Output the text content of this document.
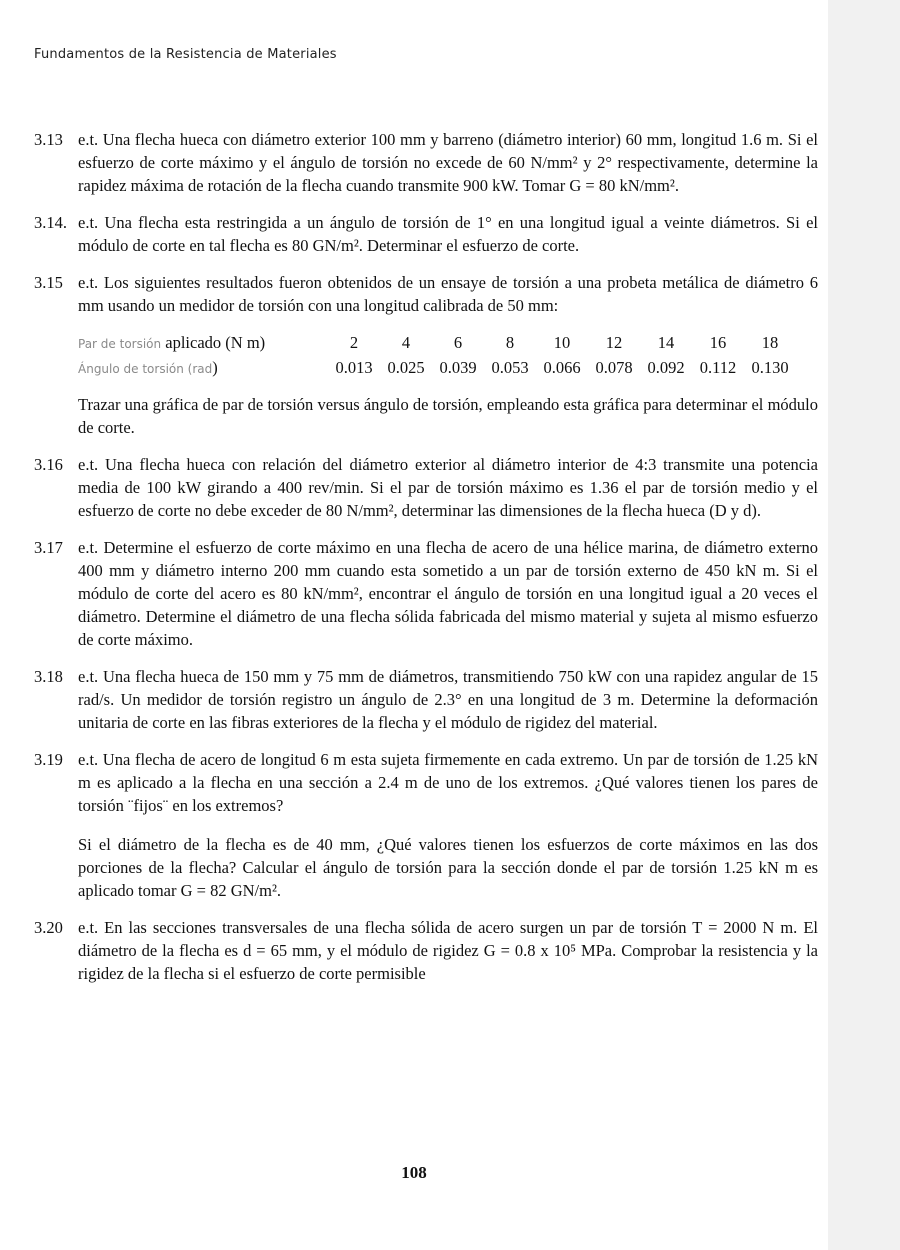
Fundamentos de la Resistencia de Materiales
3.13 e.t. Una flecha hueca con diámetro exterior 100 mm y barreno (diámetro interior) 60 mm, longitud 1.6 m. Si el esfuerzo de corte máximo y el ángulo de torsión no excede de 60 N/mm² y 2° respectivamente, determine la rapidez máxima de rotación de la flecha cuando transmite 900 kW. Tomar G = 80 kN/mm².

3.14. e.t. Una flecha esta restringida a un ángulo de torsión de 1° en una longitud igual a veinte diámetros. Si el módulo de corte en tal flecha es 80 GN/m². Determinar el esfuerzo de corte.

3.15 e.t. Los siguientes resultados fueron obtenidos de un ensaye de torsión a una probeta metálica de diámetro 6 mm usando un medidor de torsión con una longitud calibrada de 50 mm:

Par de torsión aplicado (N m)	2	4	6	8	10	12	14	16	18
Ángulo de torsión (rad)	0.013 0.025 0.039 0.053 0.066 0.078 0.092 0.112 0.130

Trazar una gráfica de par de torsión versus ángulo de torsión, empleando esta gráfica para determinar el módulo de corte.

3.16 e.t. Una flecha hueca con relación del diámetro exterior al diámetro interior de 4:3 transmite una potencia media de 100 kW girando a 400 rev/min. Si el par de torsión máximo es 1.36 el par de torsión medio y el esfuerzo de corte no debe exceder de 80 N/mm², determinar las dimensiones de la flecha hueca (D y d).

3.17 e.t. Determine el esfuerzo de corte máximo en una flecha de acero de una hélice marina, de diámetro externo 400 mm y diámetro interno 200 mm cuando esta sometido a un par de torsión externo de 450 kN m. Si el módulo de corte del acero es 80 kN/mm², encontrar el ángulo de torsión en una longitud igual a 20 veces el diámetro. Determine el diámetro de una flecha sólida fabricada del mismo material y sujeta al mismo esfuerzo de corte máximo.

3.18 e.t. Una flecha hueca de 150 mm y 75 mm de diámetros, transmitiendo 750 kW con una rapidez angular de 15 rad/s. Un medidor de torsión registro un ángulo de 2.3° en una longitud de 3 m. Determine la deformación unitaria de corte en las fibras exteriores de la flecha y el módulo de rigidez del material.

3.19 e.t. Una flecha de acero de longitud 6 m esta sujeta firmemente en cada extremo. Un par de torsión de 1.25 kN m es aplicado a la flecha en una sección a 2.4 m de uno de los extremos. ¿Qué valores tienen los pares de torsión ¨fijos¨ en los extremos?

Si el diámetro de la flecha es de 40 mm, ¿Qué valores tienen los esfuerzos de corte máximos en las dos porciones de la flecha? Calcular el ángulo de torsión para la sección donde el par de torsión 1.25 kN m es aplicado tomar G = 82 GN/m².

3.20 e.t. En las secciones transversales de una flecha sólida de acero surgen un par de torsión T = 2000 N m. El diámetro de la flecha es d = 65 mm, y el módulo de rigidez G = 0.8 x 10⁵ MPa. Comprobar la resistencia y la rigidez de la flecha si el esfuerzo de corte permisible

108
